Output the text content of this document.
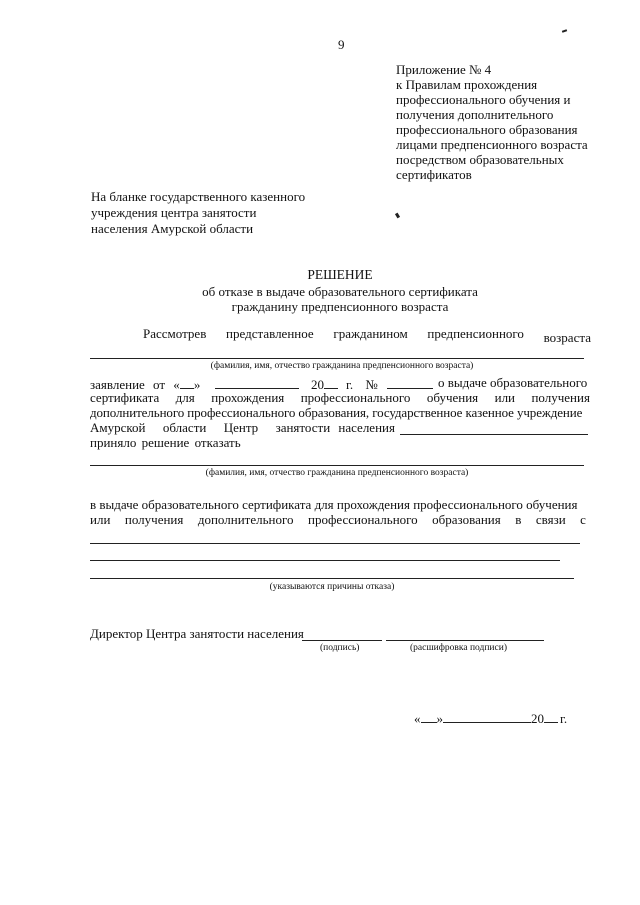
9
Приложение № 4
к Правилам прохождения
профессионального обучения и
получения дополнительного
профессионального образования
лицами предпенсионного возраста
посредством образовательных
сертификатов
На бланке государственного казенного
учреждения центра занятости
населения Амурской области
РЕШЕНИЕ
об отказе в выдаче образовательного сертификата
гражданину предпенсионного возраста
Рассмотрев представленное гражданином предпенсионного возраста
(фамилия, имя, отчество гражданина предпенсионного возраста)
заявление от « »	20	г. №	о выдаче образовательного
сертификата для прохождения профессионального обучения или получения
дополнительного профессионального образования, государственное казенное учреждение
Амурской области Центр занятости населения
приняло решение отказать
(фамилия, имя, отчество гражданина предпенсионного возраста)
в выдаче образовательного сертификата для прохождения профессионального обучения
или получения дополнительного профессионального образования в связи с
(указываются причины отказа)
Директор Центра занятости населения
(подпись)	(расшифровка подписи)
« »	20 г.
